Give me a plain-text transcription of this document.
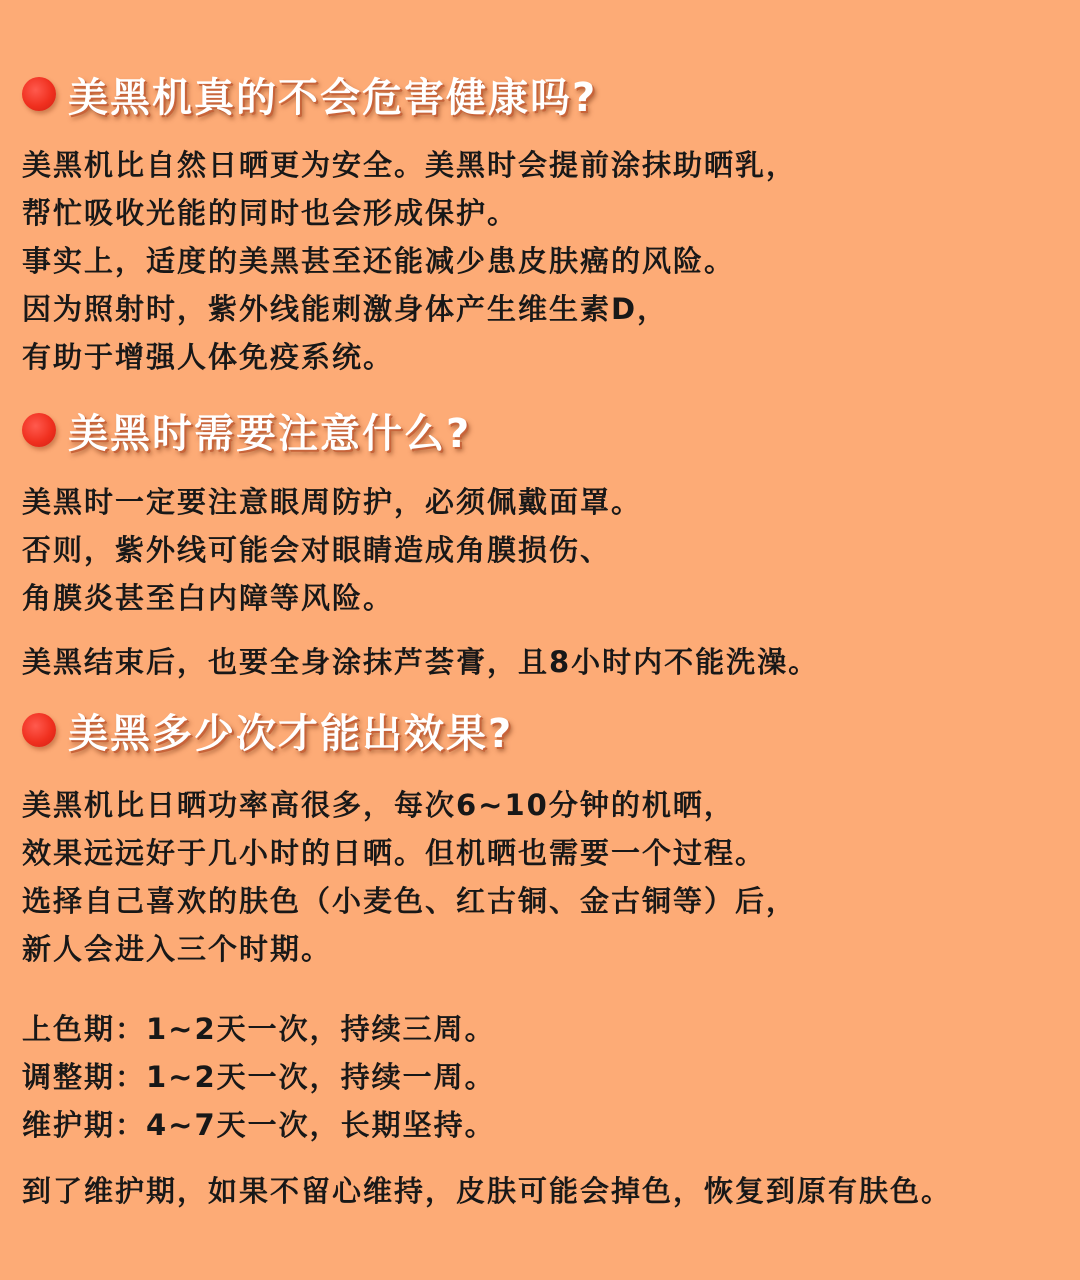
美黑机真的不会危害健康吗?
美黑机比自然日晒更为安全。美黑时会提前涂抹助晒乳，
帮忙吸收光能的同时也会形成保护。
事实上，适度的美黑甚至还能减少患皮肤癌的风险。
因为照射时，紫外线能刺激身体产生维生素D，
有助于增强人体免疫系统。
美黑时需要注意什么?
美黑时一定要注意眼周防护，必须佩戴面罩。
否则，紫外线可能会对眼睛造成角膜损伤、
角膜炎甚至白内障等风险。
美黑结束后，也要全身涂抹芦荟膏，且8小时内不能洗澡。
美黑多少次才能出效果?
美黑机比日晒功率高很多，每次6~10分钟的机晒，
效果远远好于几小时的日晒。但机晒也需要一个过程。
选择自己喜欢的肤色（小麦色、红古铜、金古铜等）后，
新人会进入三个时期。
上色期：1~2天一次，持续三周。
调整期：1~2天一次，持续一周。
维护期：4~7天一次，长期坚持。
到了维护期，如果不留心维持，皮肤可能会掉色，恢复到原有肤色。
